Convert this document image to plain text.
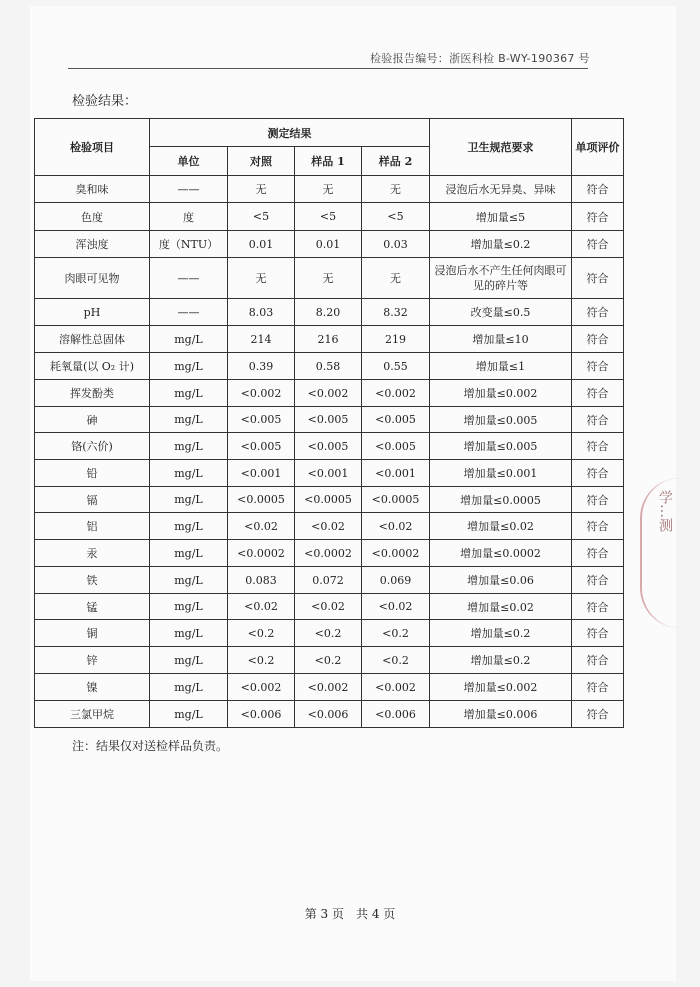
检验报告编号：浙医科检 B-WY-190367 号
检验结果：
检验项目	测定结果				卫生规范要求	单项评价
	单位	对照	样品 1	样品 2		
臭和味	——	无	无	无	浸泡后水无异臭、异味	符合
色度	度	<5	<5	<5	增加量≤5	符合
浑浊度	度（NTU）	0.01	0.01	0.03	增加量≤0.2	符合
肉眼可见物	——	无	无	无	浸泡后水不产生任何肉眼可见的碎片等	符合
pH	——	8.03	8.20	8.32	改变量≤0.5	符合
溶解性总固体	mg/L	214	216	219	增加量≤10	符合
耗氧量(以 O₂ 计)	mg/L	0.39	0.58	0.55	增加量≤1	符合
挥发酚类	mg/L	<0.002	<0.002	<0.002	增加量≤0.002	符合
砷	mg/L	<0.005	<0.005	<0.005	增加量≤0.005	符合
铬(六价)	mg/L	<0.005	<0.005	<0.005	增加量≤0.005	符合
铅	mg/L	<0.001	<0.001	<0.001	增加量≤0.001	符合
镉	mg/L	<0.0005	<0.0005	<0.0005	增加量≤0.0005	符合
铝	mg/L	<0.02	<0.02	<0.02	增加量≤0.02	符合
汞	mg/L	<0.0002	<0.0002	<0.0002	增加量≤0.0002	符合
铁	mg/L	0.083	0.072	0.069	增加量≤0.06	符合
锰	mg/L	<0.02	<0.02	<0.02	增加量≤0.02	符合
铜	mg/L	<0.2	<0.2	<0.2	增加量≤0.2	符合
锌	mg/L	<0.2	<0.2	<0.2	增加量≤0.2	符合
镍	mg/L	<0.002	<0.002	<0.002	增加量≤0.002	符合
三氯甲烷	mg/L	<0.006	<0.006	<0.006	增加量≤0.006	符合
注：结果仅对送检样品负责。
第 3 页　共 4 页
学…测
